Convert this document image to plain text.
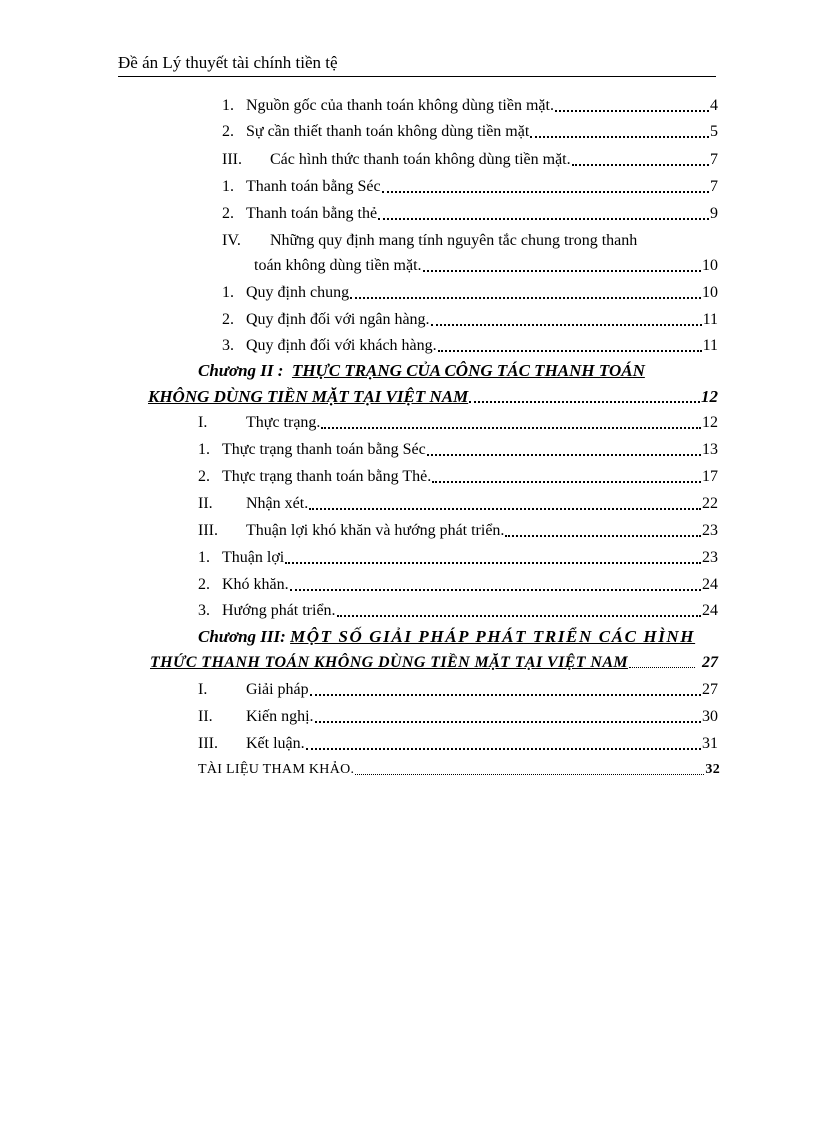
Đề án Lý thuyết tài chính tiền tệ
1. Nguồn gốc của thanh toán không dùng tiền mặt.	4
2. Sự cần thiết thanh toán không dùng tiền mặt	5
III.	Các hình thức thanh toán không dùng tiền mặt.	7
1. Thanh toán bằng Séc	7
2. Thanh toán bằng thẻ	9
IV. Những quy định mang tính nguyên tắc chung trong thanh
toán không dùng tiền mặt.	10
1. Quy định chung	10
2. Quy định đối với ngân hàng.	11
3. Quy định đối với khách hàng.	11
Chương II : THỰC TRẠNG CỦA CÔNG TÁC THANH TOÁN
KHÔNG DÙNG TIỀN MẶT TẠI VIỆT NAM	12
I.	Thực trạng.	12
1. Thực trạng thanh toán bằng Séc	13
2. Thực trạng thanh toán bằng Thẻ.	17
II.	Nhận xét.	22
III.	Thuận lợi khó khăn và hướng phát triển.	23
1. Thuận lợi	23
2. Khó khăn.	24
3. Hướng phát triển.	24
Chương III: MỘT SỐ GIẢI PHÁP PHÁT TRIỂN CÁC HÌNH
THỨC THANH TOÁN KHÔNG DÙNG TIỀN MẶT TẠI VIỆT NAM	27
I.	Giải pháp	27
II.	Kiến nghị.	30
III.	Kết luận.	31
TÀI LIỆU THAM KHẢO.	32
